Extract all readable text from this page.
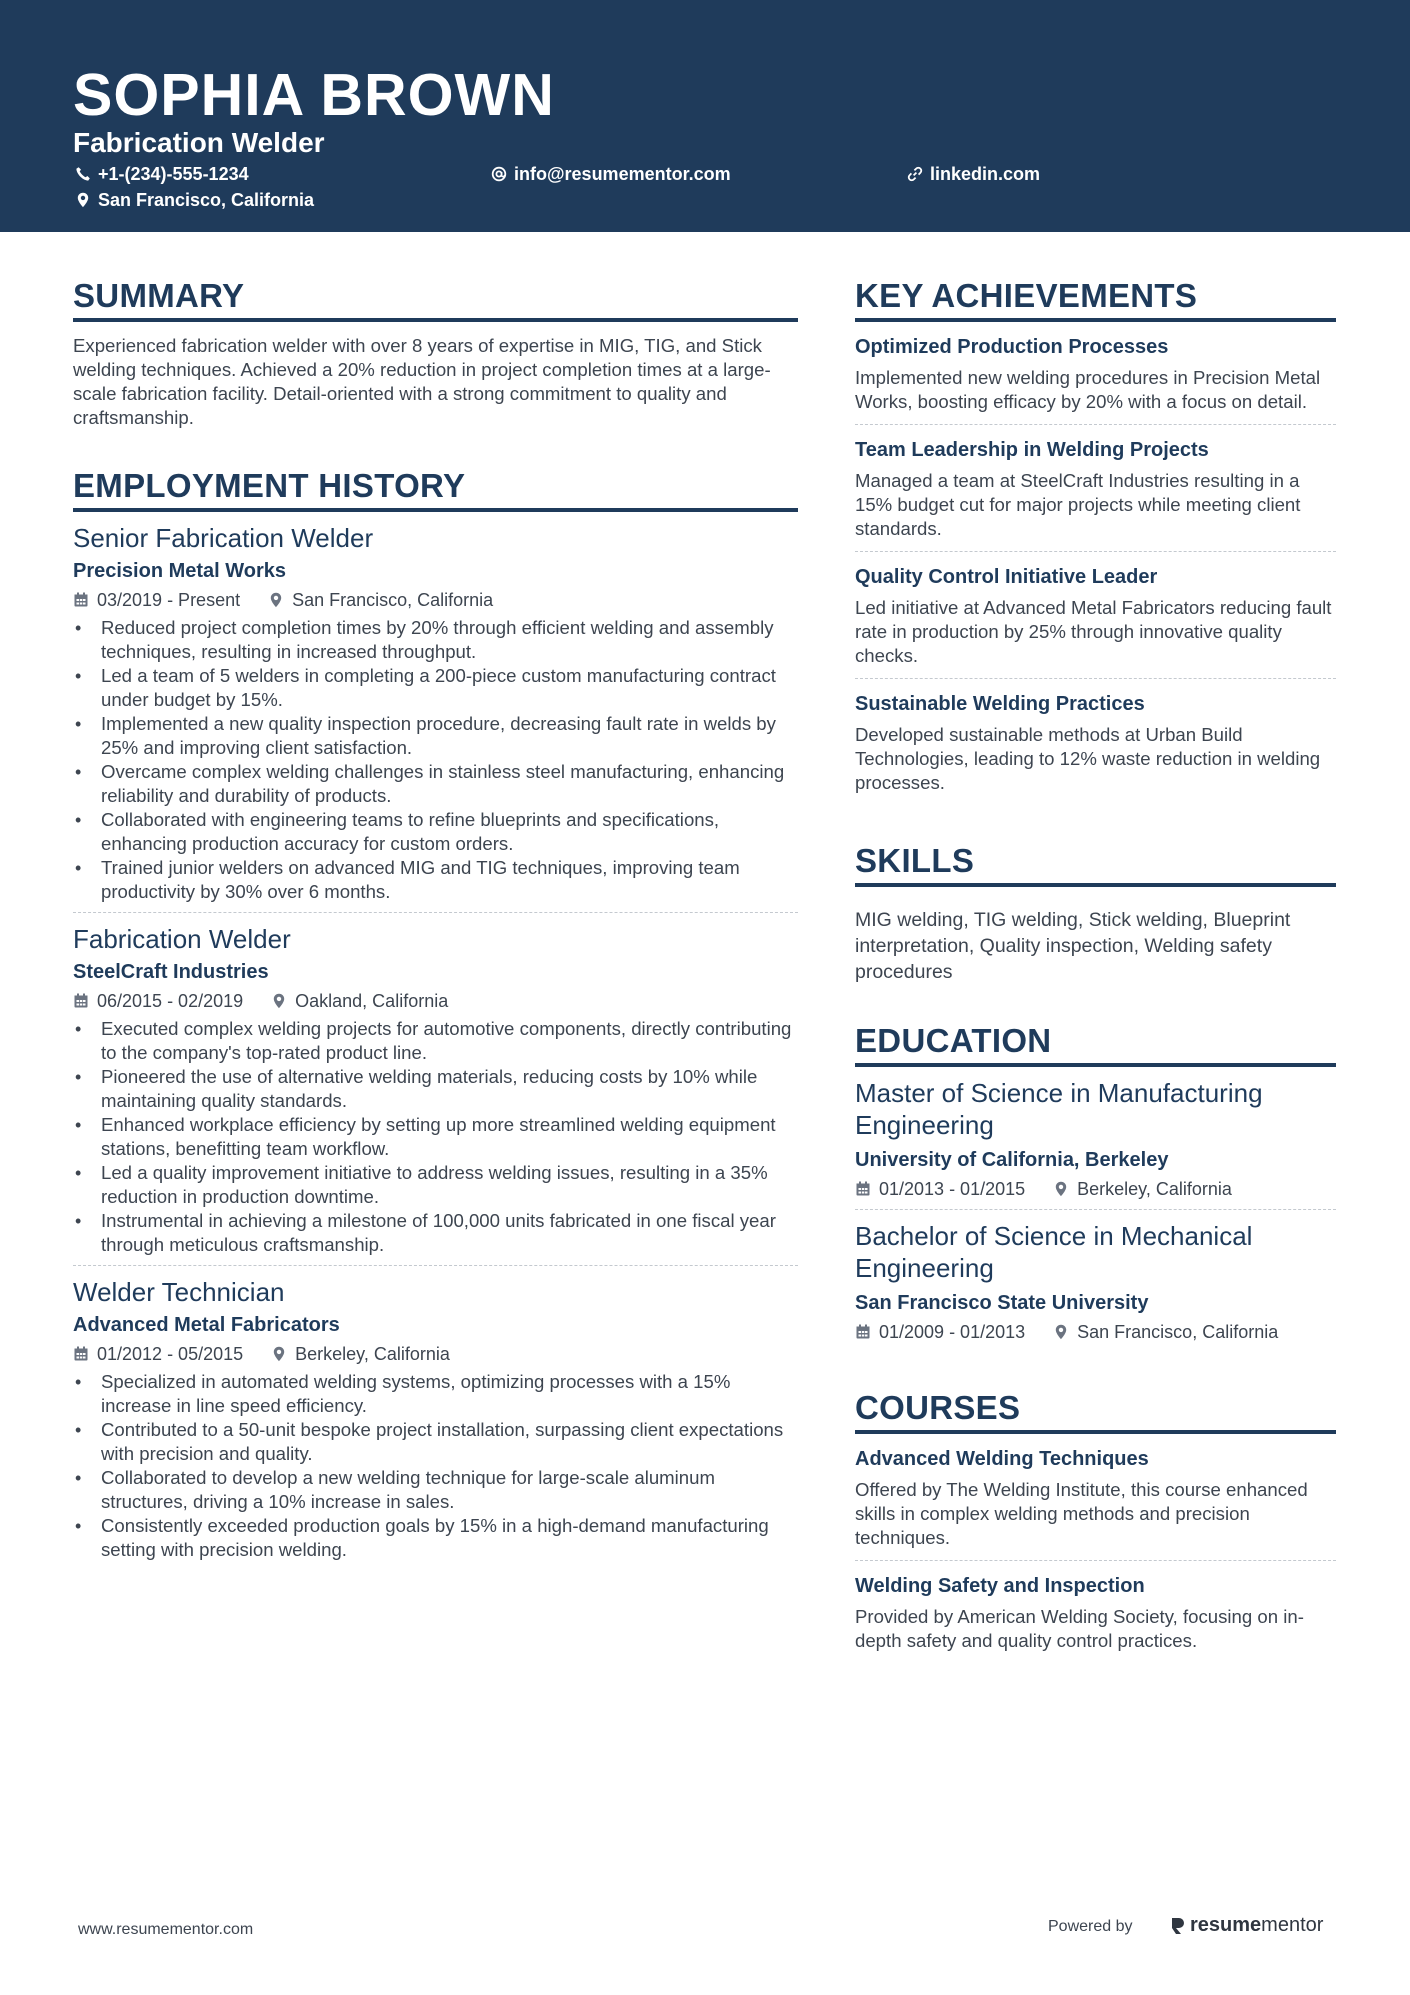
SOPHIA BROWN
Fabrication Welder
+1-(234)-555-1234	info@resumementor.com	linkedin.com
San Francisco, California
SUMMARY

Experienced fabrication welder with over 8 years of expertise in MIG, TIG, and Stick welding techniques. Achieved a 20% reduction in project completion times at a large-scale fabrication facility. Detail-oriented with a strong commitment to quality and craftsmanship.

EMPLOYMENT HISTORY
Senior Fabrication Welder
Precision Metal Works
03/2019 - Present	San Francisco, California
• Reduced project completion times by 20% through efficient welding and assembly techniques, resulting in increased throughput.
• Led a team of 5 welders in completing a 200-piece custom manufacturing contract under budget by 15%.
• Implemented a new quality inspection procedure, decreasing fault rate in welds by 25% and improving client satisfaction.
• Overcame complex welding challenges in stainless steel manufacturing, enhancing reliability and durability of products.
• Collaborated with engineering teams to refine blueprints and specifications, enhancing production accuracy for custom orders.
• Trained junior welders on advanced MIG and TIG techniques, improving team productivity by 30% over 6 months.
Fabrication Welder
SteelCraft Industries
06/2015 - 02/2019	Oakland, California
• Executed complex welding projects for automotive components, directly contributing to the company's top-rated product line.
• Pioneered the use of alternative welding materials, reducing costs by 10% while maintaining quality standards.
• Enhanced workplace efficiency by setting up more streamlined welding equipment stations, benefitting team workflow.
• Led a quality improvement initiative to address welding issues, resulting in a 35% reduction in production downtime.
• Instrumental in achieving a milestone of 100,000 units fabricated in one fiscal year through meticulous craftsmanship.
Welder Technician
Advanced Metal Fabricators
01/2012 - 05/2015	Berkeley, California
• Specialized in automated welding systems, optimizing processes with a 15% increase in line speed efficiency.
• Contributed to a 50-unit bespoke project installation, surpassing client expectations with precision and quality.
• Collaborated to develop a new welding technique for large-scale aluminum structures, driving a 10% increase in sales.
• Consistently exceeded production goals by 15% in a high-demand manufacturing setting with precision welding.
KEY ACHIEVEMENTS
Optimized Production Processes
Implemented new welding procedures in Precision Metal Works, boosting efficacy by 20% with a focus on detail.
Team Leadership in Welding Projects
Managed a team at SteelCraft Industries resulting in a 15% budget cut for major projects while meeting client standards.
Quality Control Initiative Leader
Led initiative at Advanced Metal Fabricators reducing fault rate in production by 25% through innovative quality checks.
Sustainable Welding Practices
Developed sustainable methods at Urban Build Technologies, leading to 12% waste reduction in welding processes.
SKILLS

MIG welding, TIG welding, Stick welding, Blueprint interpretation, Quality inspection, Welding safety procedures

EDUCATION
Master of Science in Manufacturing Engineering
University of California, Berkeley
01/2013 - 01/2015	Berkeley, California
Bachelor of Science in Mechanical Engineering
San Francisco State University
01/2009 - 01/2013	San Francisco, California
COURSES
Advanced Welding Techniques
Offered by The Welding Institute, this course enhanced skills in complex welding methods and precision techniques.
Welding Safety and Inspection
Provided by American Welding Society, focusing on in-depth safety and quality control practices.
www.resumementor.com	Powered by	resume mentor
